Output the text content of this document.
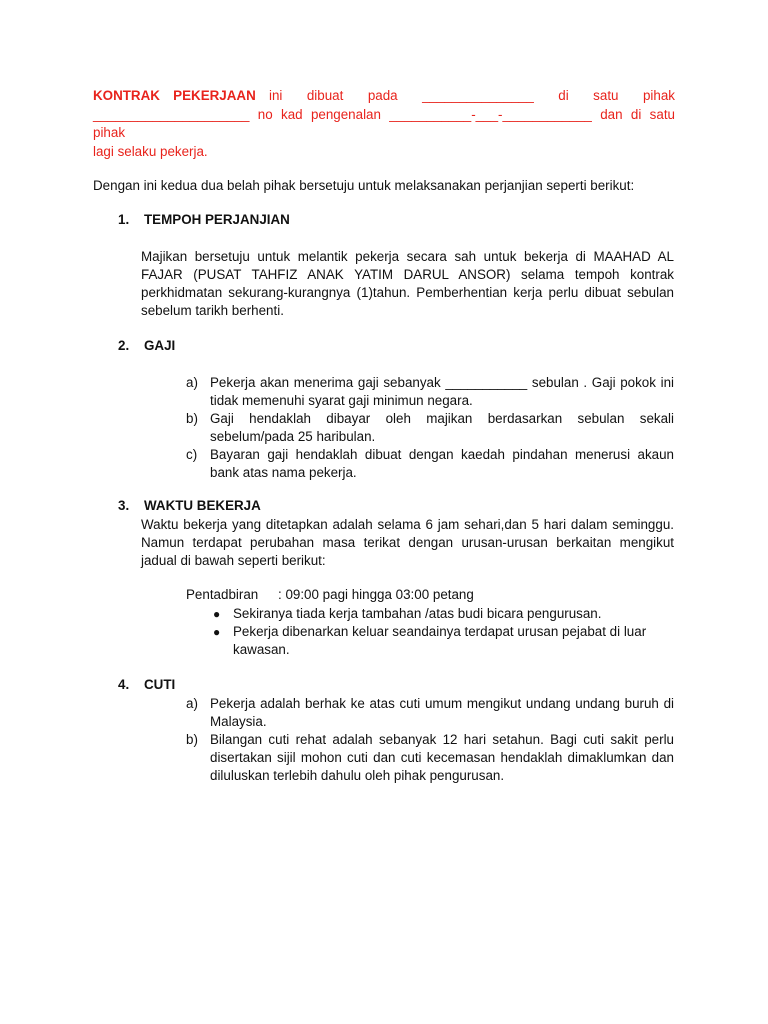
KONTRAK PEKERJAAN ini dibuat pada _______________ di satu pihak
_____________________ no kad pengenalan ___________-___-____________ dan di satu pihak
lagi selaku pekerja.

Dengan ini kedua dua belah pihak bersetuju untuk melaksanakan perjanjian seperti berikut:

1. TEMPOH PERJANJIAN

Majikan bersetuju untuk melantik pekerja secara sah untuk bekerja di MAAHAD AL FAJAR (PUSAT TAHFIZ ANAK YATIM DARUL ANSOR) selama tempoh kontrak perkhidmatan sekurang-kurangnya (1)tahun. Pemberhentian kerja perlu dibuat sebulan sebelum tarikh berhenti.

2. GAJI
a) Pekerja akan menerima gaji sebanyak ___________ sebulan . Gaji pokok ini tidak memenuhi syarat gaji minimun negara.
b) Gaji hendaklah dibayar oleh majikan berdasarkan sebulan sekali sebelum/pada 25 haribulan.
c) Bayaran gaji hendaklah dibuat dengan kaedah pindahan menerusi akaun bank atas nama pekerja.
3. WAKTU BEKERJA

Waktu bekerja yang ditetapkan adalah selama 6 jam sehari,dan 5 hari dalam seminggu. Namun terdapat perubahan masa terikat dengan urusan-urusan berkaitan mengikut jadual di bawah seperti berikut:

Pentadbiran : 09:00 pagi hingga 03:00 petang
● Sekiranya tiada kerja tambahan /atas budi bicara pengurusan.
● Pekerja dibenarkan keluar seandainya terdapat urusan pejabat di luar kawasan.
4. CUTI
a) Pekerja adalah berhak ke atas cuti umum mengikut undang undang buruh di Malaysia.
b) Bilangan cuti rehat adalah sebanyak 12 hari setahun. Bagi cuti sakit perlu disertakan sijil mohon cuti dan cuti kecemasan hendaklah dimaklumkan dan diluluskan terlebih dahulu oleh pihak pengurusan.
